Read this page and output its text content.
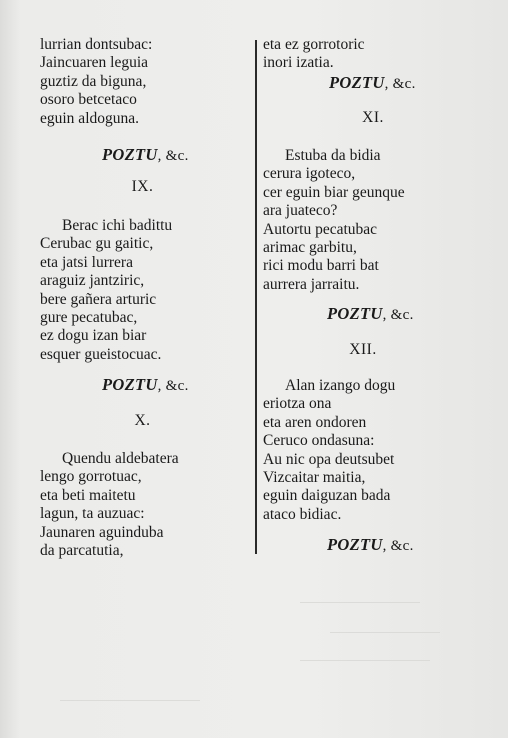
lurrian dontsubac:
Jaincuaren leguia
guztiz da biguna,
osoro betcetaco
eguin aldoguna.
POZTU, &c.
IX.
Berac ichi badittu
Cerubac gu gaitic,
eta jatsi lurrera
araguiz jantziric,
bere gañera arturic
gure pecatubac,
ez dogu izan biar
esquer gueistocuac.
POZTU, &c.
X.
Quendu aldebatera
lengo gorrotuac,
eta beti maitetu
lagun, ta auzuac:
Jaunaren aguinduba
da parcatutia,
eta ez gorrotoric
inori izatia.
POZTU, &c.
XI.
Estuba da bidia
cerura igoteco,
cer eguin biar geunque
ara juateco?
Autortu pecatubac
arimac garbitu,
rici modu barri bat
aurrera jarraitu.
POZTU, &c.
XII.
Alan izango dogu
eriotza ona
eta aren ondoren
Ceruco ondasuna:
Au nic opa deutsubet
Vizcaitar maitia,
eguin daiguzan bada
ataco bidiac.
POZTU, &c.
